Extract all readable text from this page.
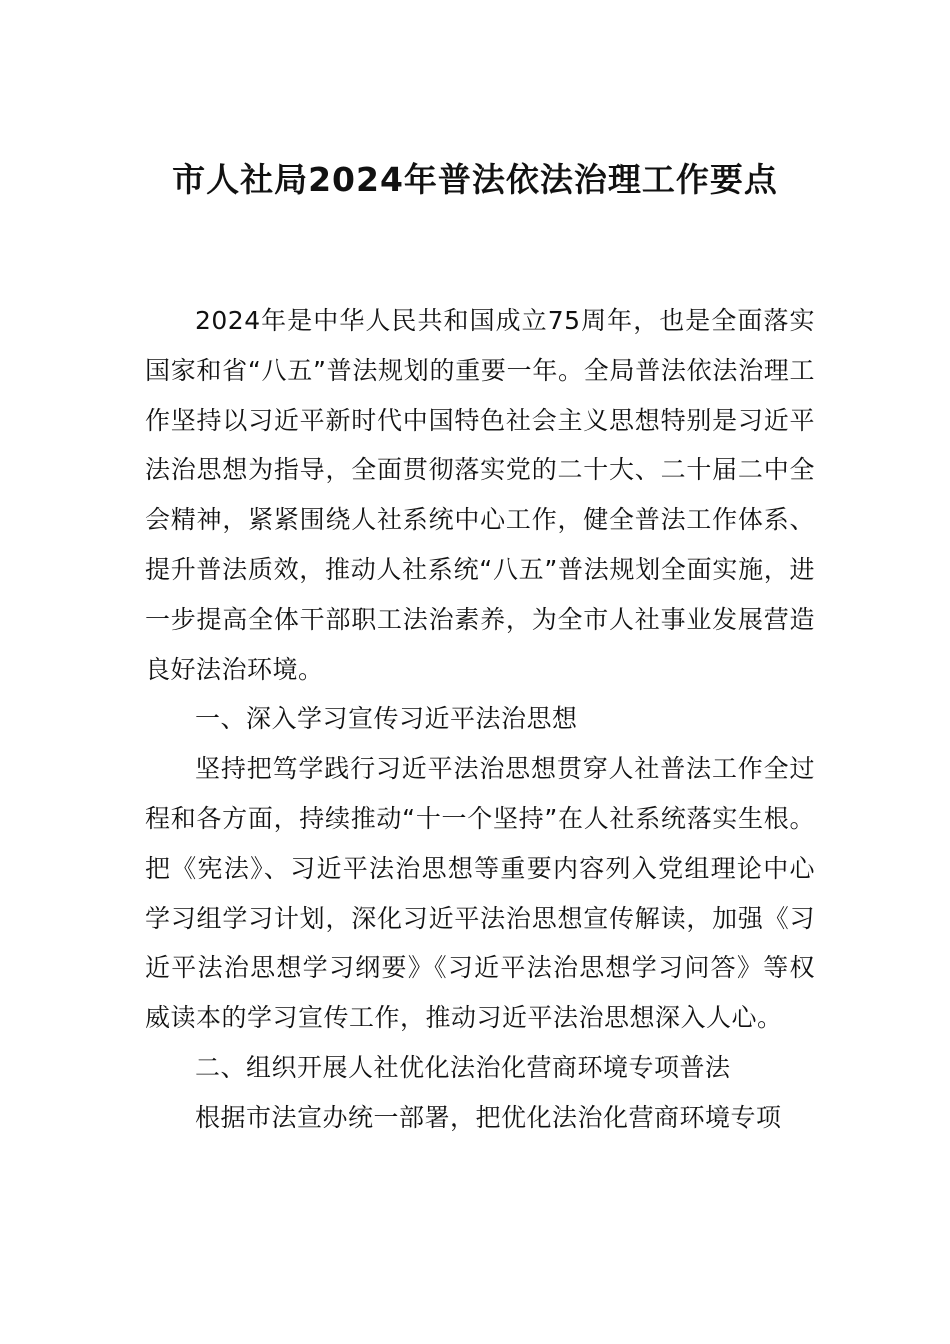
市人社局2024年普法依法治理工作要点

2024年是中华人民共和国成立75周年，也是全面落实国家和省“八五”普法规划的重要一年。全局普法依法治理工作坚持以习近平新时代中国特色社会主义思想特别是习近平法治思想为指导，全面贯彻落实党的二十大、二十届二中全会精神，紧紧围绕人社系统中心工作，健全普法工作体系、提升普法质效，推动人社系统“八五”普法规划全面实施，进一步提高全体干部职工法治素养，为全市人社事业发展营造良好法治环境。

一、深入学习宣传习近平法治思想

坚持把笃学践行习近平法治思想贯穿人社普法工作全过程和各方面，持续推动“十一个坚持”在人社系统落实生根。把《宪法》、习近平法治思想等重要内容列入党组理论中心学习组学习计划，深化习近平法治思想宣传解读，加强《习近平法治思想学习纲要》《习近平法治思想学习问答》等权威读本的学习宣传工作，推动习近平法治思想深入人心。

二、组织开展人社优化法治化营商环境专项普法

根据市法宣办统一部署，把优化法治化营商环境专项
